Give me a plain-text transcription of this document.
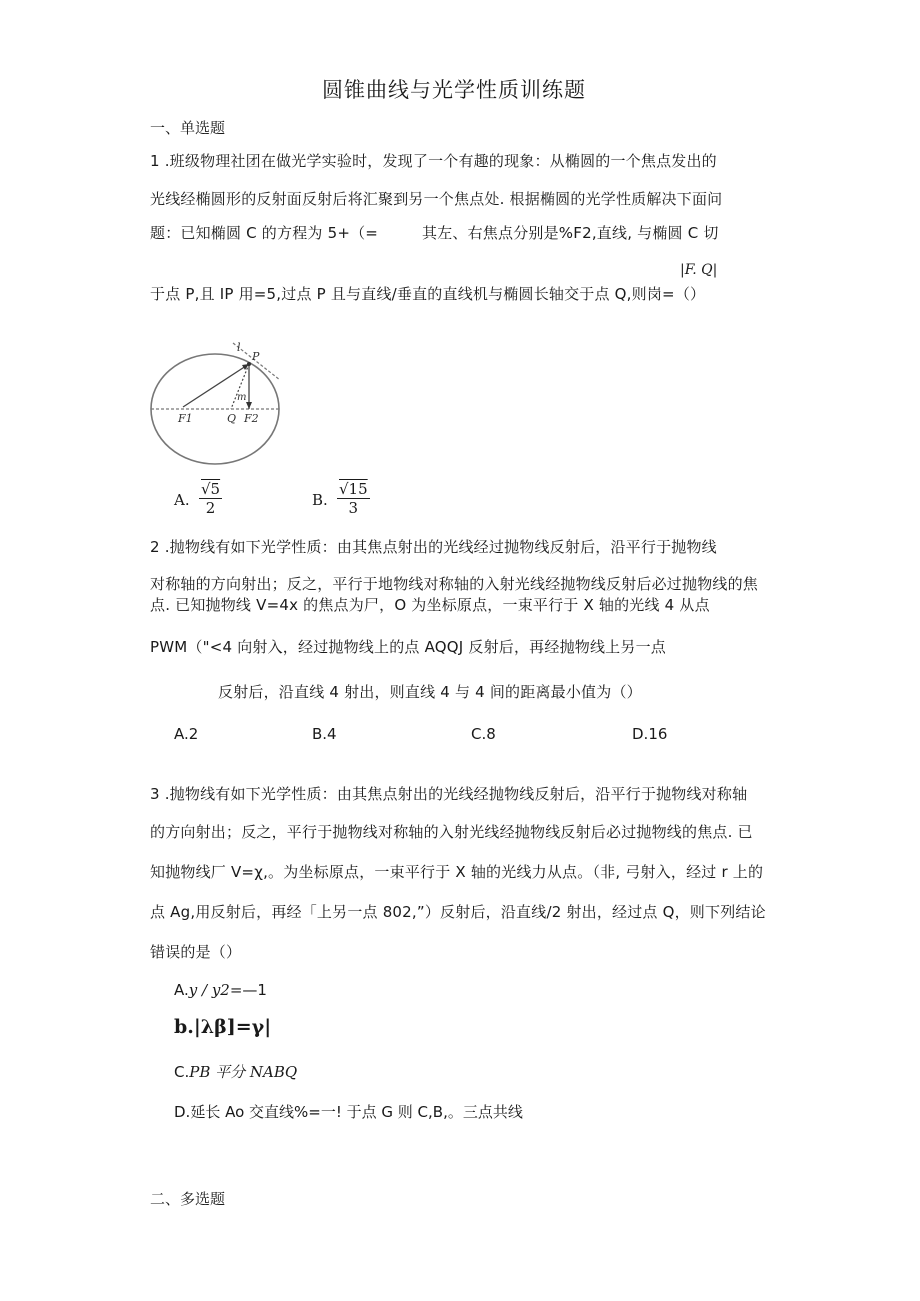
圆锥曲线与光学性质训练题
一、单选题
1 .班级物理社团在做光学实验时，发现了一个有趣的现象：从椭圆的一个焦点发出的
光线经椭圆形的反射面反射后将汇聚到另一个焦点处. 根据椭圆的光学性质解决下面问
题：已知椭圆 C 的方程为 5+（=	其左、右焦点分别是%F2,直线, 与椭圆 C 切
|F. Q|
于点 P,且 IP 用=5,过点 P 且与直线/垂直的直线机与椭圆长轴交于点 Q,则岗=（）
l
P
m
F1	Q F2
A. $\frac{√5}{2}$	B. $\frac{√15}{3}$
2 .抛物线有如下光学性质：由其焦点射出的光线经过抛物线反射后，沿平行于抛物线
对称轴的方向射出；反之，平行于地物线对称轴的入射光线经抛物线反射后必过抛物线的焦
点. 已知抛物线 V=4x 的焦点为尸，O 为坐标原点，一束平行于 X 轴的光线 4 从点
PWM（"<4 向射入，经过抛物线上的点 AQQJ 反射后，再经抛物线上另一点
反射后，沿直线 4 射出，则直线 4 与 4 间的距离最小值为（）
A.2	B.4	C.8	D.16
3 .抛物线有如下光学性质：由其焦点射出的光线经抛物线反射后，沿平行于抛物线对称轴
的方向射出；反之，平行于抛物线对称轴的入射光线经抛物线反射后必过抛物线的焦点. 已
知抛物线厂 V=χ,。为坐标原点，一束平行于 X 轴的光线力从点。（非, 弓射入，经过 r 上的
点 Ag,用反射后，再经「上另一点 802,”）反射后，沿直线/2 射出，经过点 Q，则下列结论
错误的是（）
A.y / y2=—1
b.|λβ]=γ|
C.PB 平分 NABQ
D.延长 Ao 交直线%=一! 于点 G 则 C,B,。三点共线
二、多选题
